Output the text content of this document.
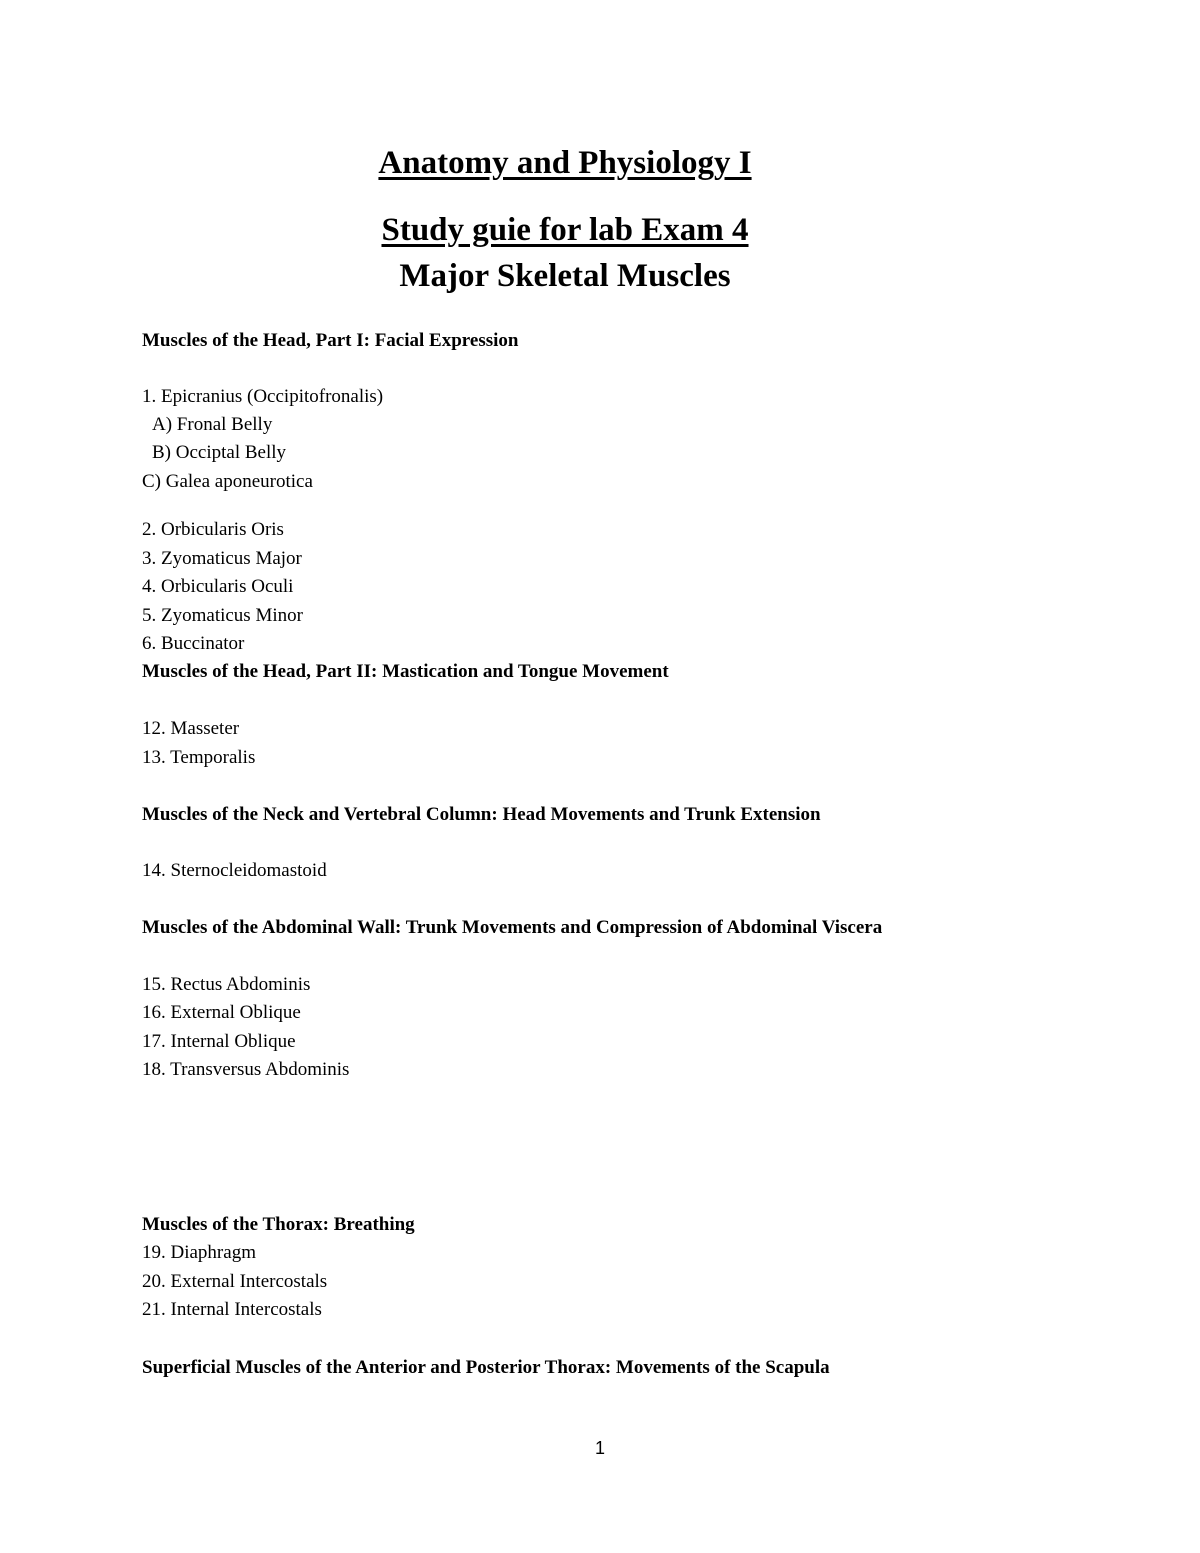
Anatomy and Physiology I
Study guie for lab Exam 4
Major Skeletal Muscles

Muscles of the Head, Part I: Facial Expression

1. Epicranius (Occipitofronalis)

A) Fronal Belly

B) Occiptal Belly

C) Galea aponeurotica

2. Orbicularis Oris

3. Zyomaticus Major

4. Orbicularis Oculi

5. Zyomaticus Minor

6. Buccinator

Muscles of the Head, Part II: Mastication and Tongue Movement

12. Masseter

13. Temporalis

Muscles of the Neck and Vertebral Column: Head Movements and Trunk Extension

14. Sternocleidomastoid

Muscles of the Abdominal Wall: Trunk Movements and Compression of Abdominal Viscera

15. Rectus Abdominis

16. External Oblique

17. Internal Oblique

18. Transversus Abdominis

Muscles of the Thorax: Breathing

19. Diaphragm

20. External Intercostals

21. Internal Intercostals

Superficial Muscles of the Anterior and Posterior Thorax: Movements of the Scapula

1
